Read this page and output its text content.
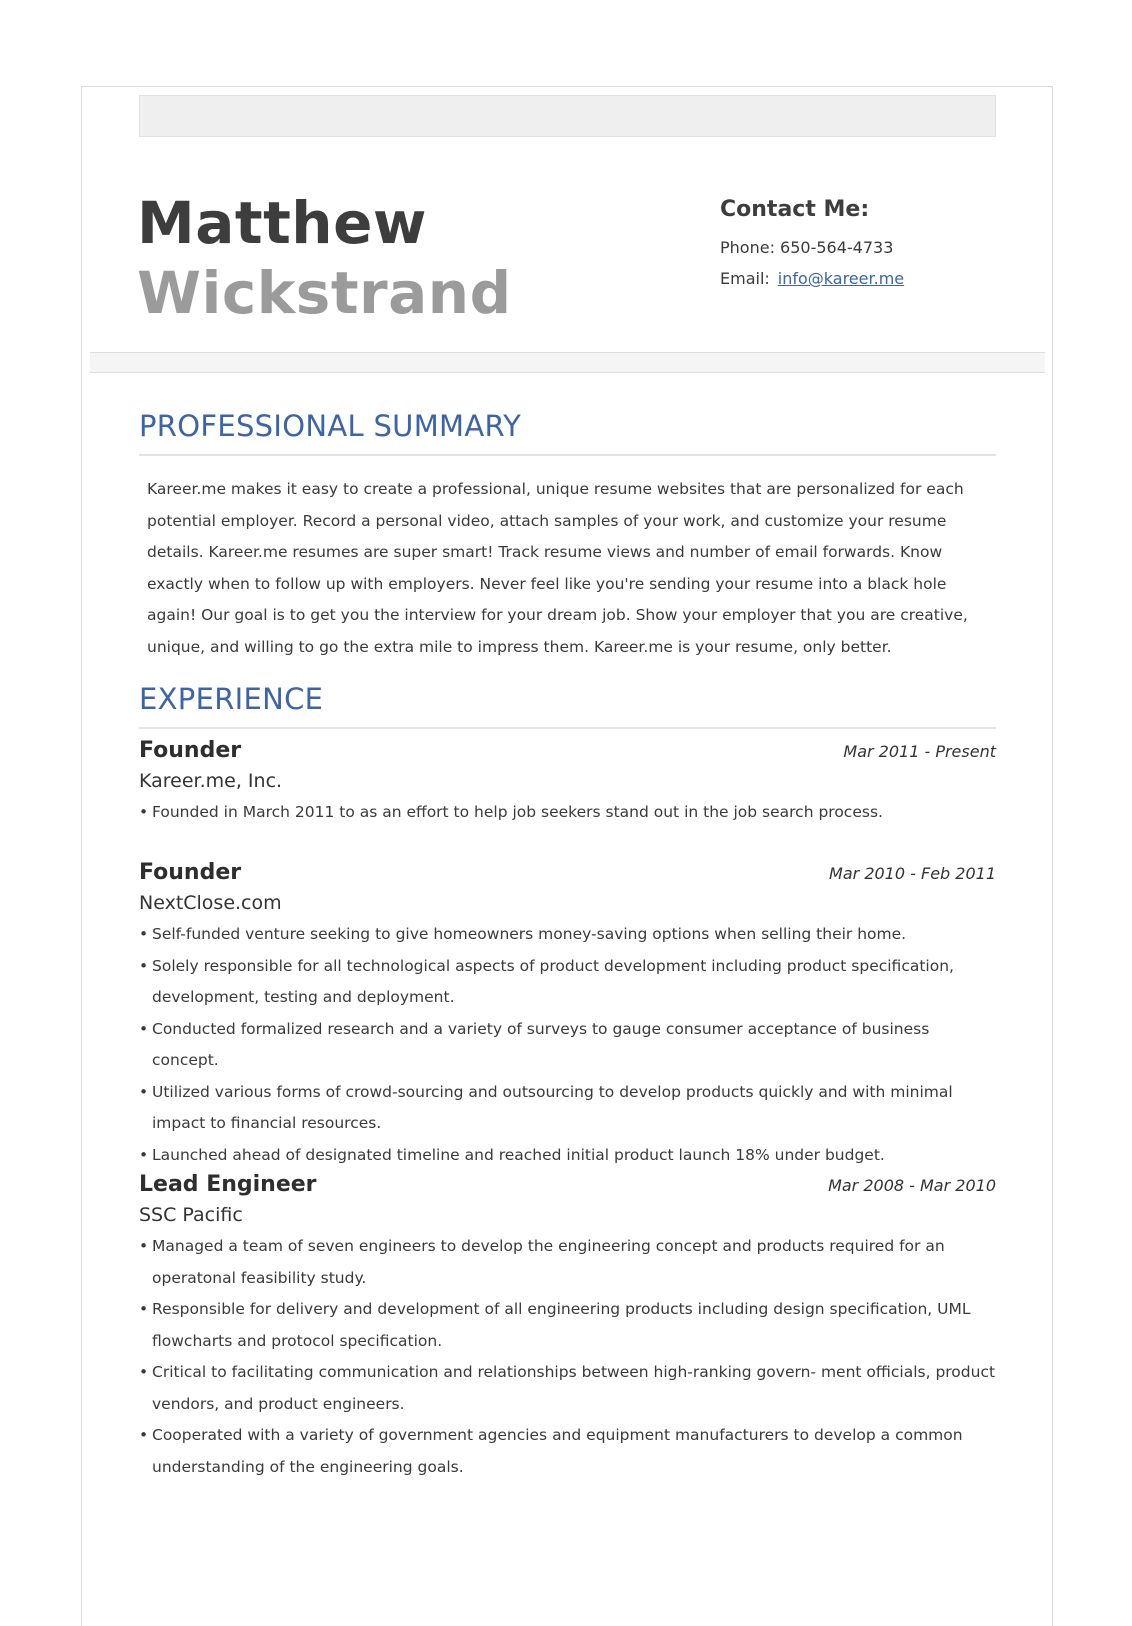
Matthew
Wickstrand
Contact Me:
Phone: 650-564-4733
Email: info@kareer.me
PROFESSIONAL SUMMARY

Kareer.me makes it easy to create a professional, unique resume websites that are personalized for each potential employer. Record a personal video, attach samples of your work, and customize your resume details. Kareer.me resumes are super smart! Track resume views and number of email forwards. Know exactly when to follow up with employers. Never feel like you're sending your resume into a black hole again! Our goal is to get you the interview for your dream job. Show your employer that you are creative, unique, and willing to go the extra mile to impress them. Kareer.me is your resume, only better.

EXPERIENCE
Founder	Mar 2011 - Present
Kareer.me, Inc.
• Founded in March 2011 to as an effort to help job seekers stand out in the job search process.
Founder	Mar 2010 - Feb 2011
NextClose.com
• Self-funded venture seeking to give homeowners money-saving options when selling their home.
• Solely responsible for all technological aspects of product development including product specification, development, testing and deployment.
• Conducted formalized research and a variety of surveys to gauge consumer acceptance of business concept.
• Utilized various forms of crowd-sourcing and outsourcing to develop products quickly and with minimal impact to financial resources.
• Launched ahead of designated timeline and reached initial product launch 18% under budget.
Lead Engineer	Mar 2008 - Mar 2010
SSC Pacific
• Managed a team of seven engineers to develop the engineering concept and products required for an operatonal feasibility study.
• Responsible for delivery and development of all engineering products including design specification, UML flowcharts and protocol specification.
• Critical to facilitating communication and relationships between high-ranking govern- ment officials, product vendors, and product engineers.
• Cooperated with a variety of government agencies and equipment manufacturers to develop a common understanding of the engineering goals.
